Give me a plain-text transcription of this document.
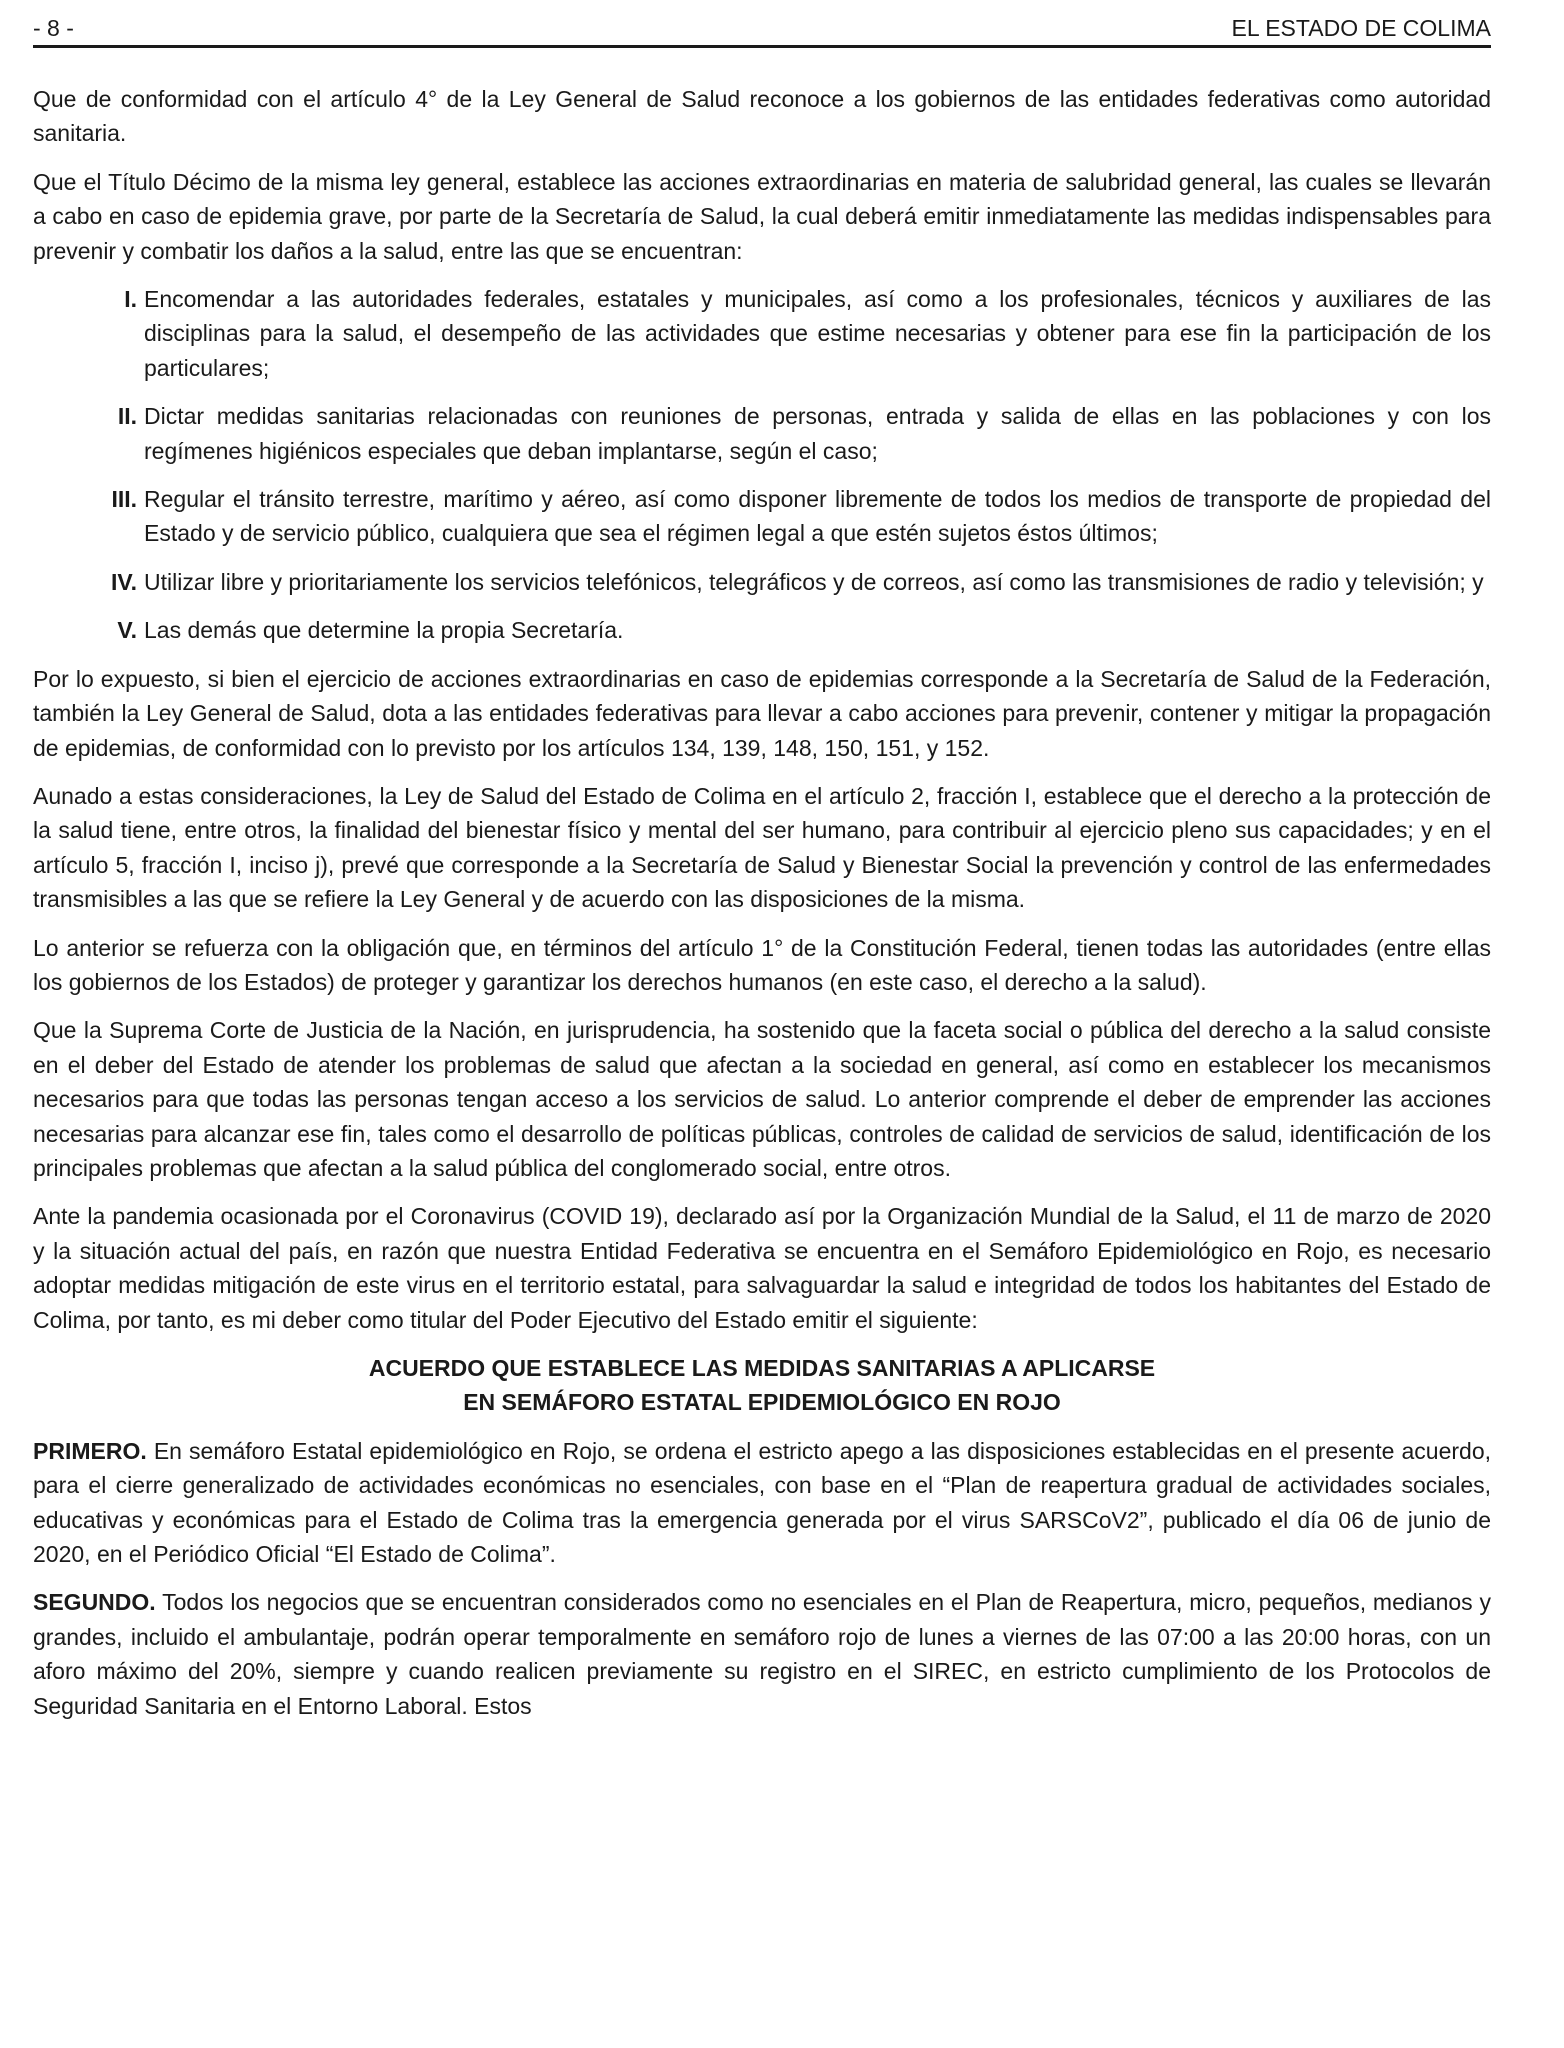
- 8 -	EL ESTADO DE COLIMA

Que de conformidad con el artículo 4° de la Ley General de Salud reconoce a los gobiernos de las entidades federativas como autoridad sanitaria.

Que el Título Décimo de la misma ley general, establece las acciones extraordinarias en materia de salubridad general, las cuales se llevarán a cabo en caso de epidemia grave, por parte de la Secretaría de Salud, la cual deberá emitir inmediatamente las medidas indispensables para prevenir y combatir los daños a la salud, entre las que se encuentran:

I. Encomendar a las autoridades federales, estatales y municipales, así como a los profesionales, técnicos y auxiliares de las disciplinas para la salud, el desempeño de las actividades que estime necesarias y obtener para ese fin la participación de los particulares;
II. Dictar medidas sanitarias relacionadas con reuniones de personas, entrada y salida de ellas en las poblaciones y con los regímenes higiénicos especiales que deban implantarse, según el caso;
III. Regular el tránsito terrestre, marítimo y aéreo, así como disponer libremente de todos los medios de transporte de propiedad del Estado y de servicio público, cualquiera que sea el régimen legal a que estén sujetos éstos últimos;
IV. Utilizar libre y prioritariamente los servicios telefónicos, telegráficos y de correos, así como las transmisiones de radio y televisión; y
V. Las demás que determine la propia Secretaría.

Por lo expuesto, si bien el ejercicio de acciones extraordinarias en caso de epidemias corresponde a la Secretaría de Salud de la Federación, también la Ley General de Salud, dota a las entidades federativas para llevar a cabo acciones para prevenir, contener y mitigar la propagación de epidemias, de conformidad con lo previsto por los artículos 134, 139, 148, 150, 151, y 152.

Aunado a estas consideraciones, la Ley de Salud del Estado de Colima en el artículo 2, fracción I, establece que el derecho a la protección de la salud tiene, entre otros, la finalidad del bienestar físico y mental del ser humano, para contribuir al ejercicio pleno sus capacidades; y en el artículo 5, fracción I, inciso j), prevé que corresponde a la Secretaría de Salud y Bienestar Social la prevención y control de las enfermedades transmisibles a las que se refiere la Ley General y de acuerdo con las disposiciones de la misma.

Lo anterior se refuerza con la obligación que, en términos del artículo 1° de la Constitución Federal, tienen todas las autoridades (entre ellas los gobiernos de los Estados) de proteger y garantizar los derechos humanos (en este caso, el derecho a la salud).

Que la Suprema Corte de Justicia de la Nación, en jurisprudencia, ha sostenido que la faceta social o pública del derecho a la salud consiste en el deber del Estado de atender los problemas de salud que afectan a la sociedad en general, así como en establecer los mecanismos necesarios para que todas las personas tengan acceso a los servicios de salud. Lo anterior comprende el deber de emprender las acciones necesarias para alcanzar ese fin, tales como el desarrollo de políticas públicas, controles de calidad de servicios de salud, identificación de los principales problemas que afectan a la salud pública del conglomerado social, entre otros.

Ante la pandemia ocasionada por el Coronavirus (COVID 19), declarado así por la Organización Mundial de la Salud, el 11 de marzo de 2020 y la situación actual del país, en razón que nuestra Entidad Federativa se encuentra en el Semáforo Epidemiológico en Rojo, es necesario adoptar medidas mitigación de este virus en el territorio estatal, para salvaguardar la salud e integridad de todos los habitantes del Estado de Colima, por tanto, es mi deber como titular del Poder Ejecutivo del Estado emitir el siguiente:

ACUERDO QUE ESTABLECE LAS MEDIDAS SANITARIAS A APLICARSE
EN SEMÁFORO ESTATAL EPIDEMIOLÓGICO EN ROJO

PRIMERO. En semáforo Estatal epidemiológico en Rojo, se ordena el estricto apego a las disposiciones establecidas en el presente acuerdo, para el cierre generalizado de actividades económicas no esenciales, con base en el “Plan de reapertura gradual de actividades sociales, educativas y económicas para el Estado de Colima tras la emergencia generada por el virus SARSCoV2”, publicado el día 06 de junio de 2020, en el Periódico Oficial “El Estado de Colima”.

SEGUNDO. Todos los negocios que se encuentran considerados como no esenciales en el Plan de Reapertura, micro, pequeños, medianos y grandes, incluido el ambulantaje, podrán operar temporalmente en semáforo rojo de lunes a viernes de las 07:00 a las 20:00 horas, con un aforo máximo del 20%, siempre y cuando realicen previamente su registro en el SIREC, en estricto cumplimiento de los Protocolos de Seguridad Sanitaria en el Entorno Laboral. Estos
